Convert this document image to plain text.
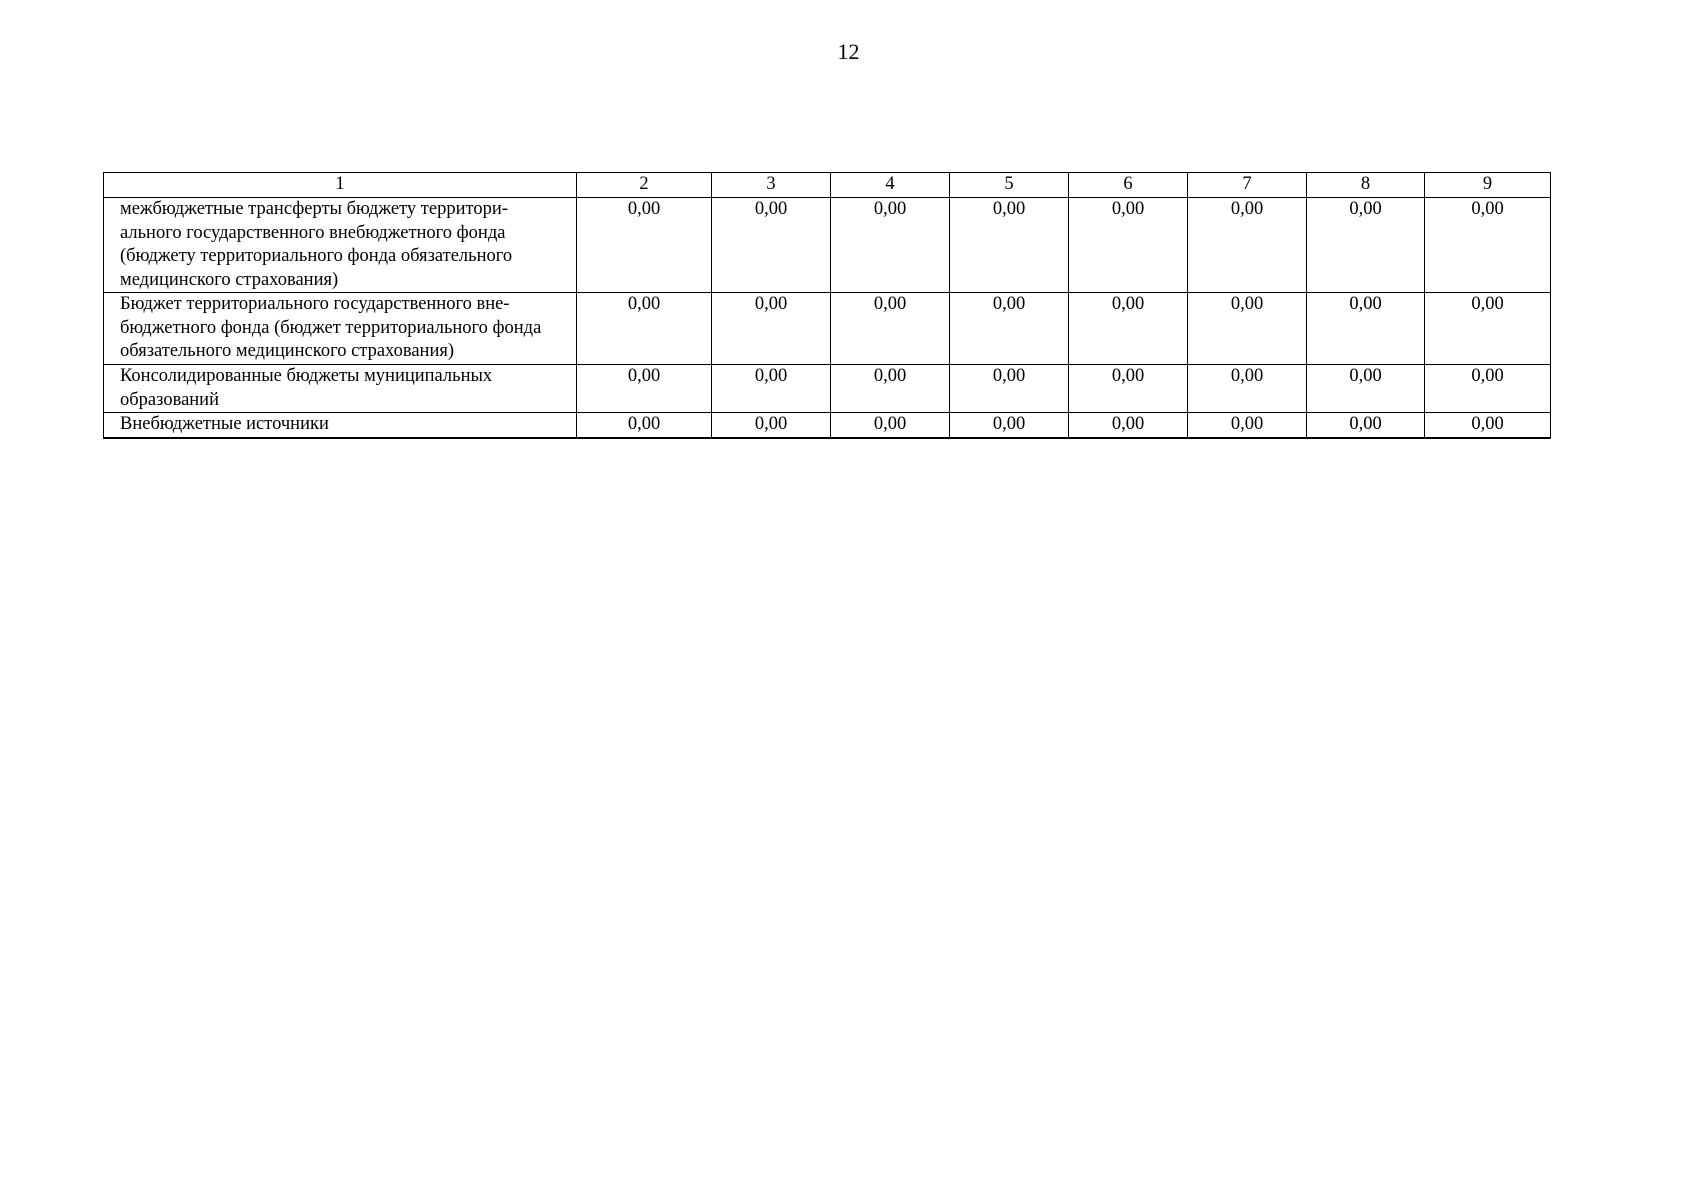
12
1	2	3	4	5	6	7	8	9
межбюджетные трансферты бюджету территори-ального государственного внебюджетного фонда (бюджету территориального фонда обязательного медицинского страхования)	0,00	0,00	0,00	0,00	0,00	0,00	0,00	0,00
Бюджет территориального государственного вне-бюджетного фонда (бюджет территориального фонда обязательного медицинского страхования)	0,00	0,00	0,00	0,00	0,00	0,00	0,00	0,00
Консолидированные бюджеты муниципальных образований	0,00	0,00	0,00	0,00	0,00	0,00	0,00	0,00
Внебюджетные источники	0,00	0,00	0,00	0,00	0,00	0,00	0,00	0,00
